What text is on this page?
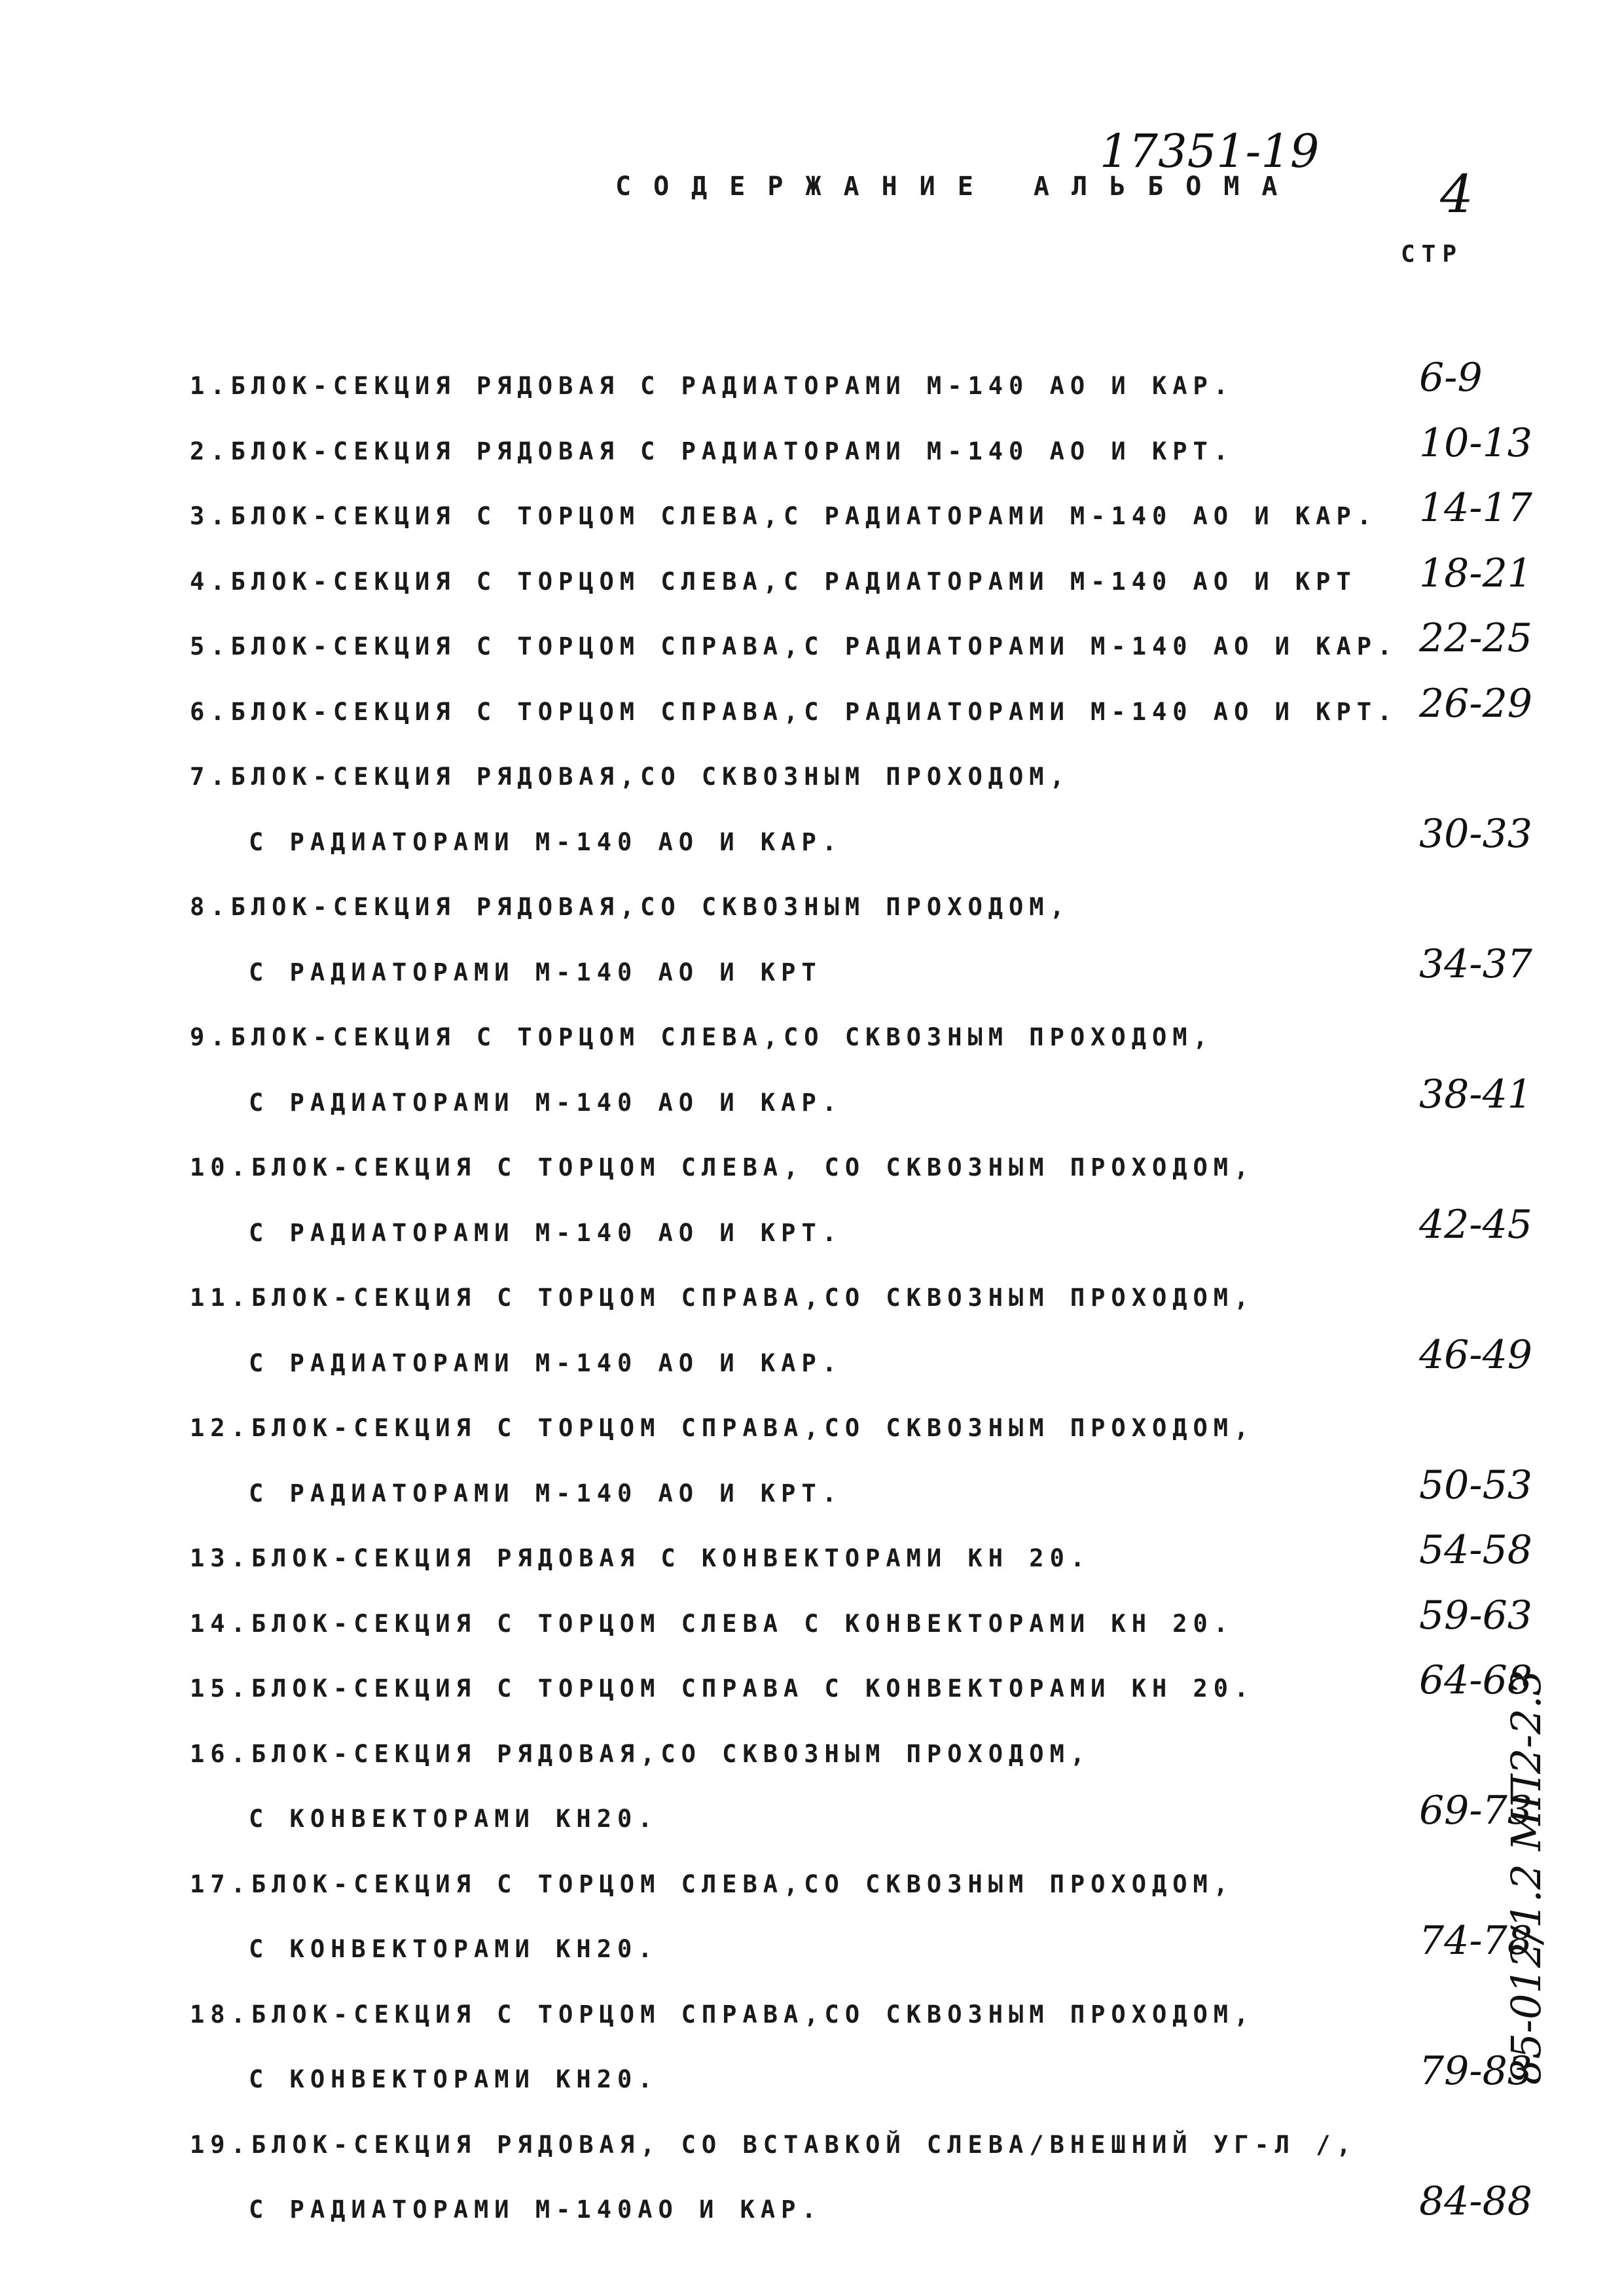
17351-19
СОДЕРЖАНИЕ АЛЬБОМА	4
СТР
1.БЛОК-СЕКЦИЯ РЯДОВАЯ С РАДИАТОРАМИ М-140 АО И КАР.	6-9
2.БЛОК-СЕКЦИЯ РЯДОВАЯ С РАДИАТОРАМИ М-140 АО И КРТ.	10-13
3.БЛОК-СЕКЦИЯ С ТОРЦОМ СЛЕВА,С РАДИАТОРАМИ М-140 АО И КАР. 14-17
4.БЛОК-СЕКЦИЯ С ТОРЦОМ СЛЕВА,С РАДИАТОРАМИ М-140 АО И КРТ 18-21
5.БЛОК-СЕКЦИЯ С ТОРЦОМ СПРАВА,С РАДИАТОРАМИ М-140 АО И КАР. 22-25
6.БЛОК-СЕКЦИЯ С ТОРЦОМ СПРАВА,С РАДИАТОРАМИ М-140 АО И КРТ. 26-29
7.БЛОК-СЕКЦИЯ РЯДОВАЯ,СО СКВОЗНЫМ ПРОХОДОМ,
С РАДИАТОРАМИ М-140 АО И КАР.	30-33
8.БЛОК-СЕКЦИЯ РЯДОВАЯ,СО СКВОЗНЫМ ПРОХОДОМ,
С РАДИАТОРАМИ М-140 АО И КРТ	34-37
9.БЛОК-СЕКЦИЯ С ТОРЦОМ СЛЕВА,СО СКВОЗНЫМ ПРОХОДОМ,
С РАДИАТОРАМИ М-140 АО И КАР.	38-41
10.БЛОК-СЕКЦИЯ С ТОРЦОМ СЛЕВА, СО СКВОЗНЫМ ПРОХОДОМ,
С РАДИАТОРАМИ М-140 АО И КРТ.	42-45
11.БЛОК-СЕКЦИЯ С ТОРЦОМ СПРАВА,СО СКВОЗНЫМ ПРОХОДОМ,
С РАДИАТОРАМИ М-140 АО И КАР.	46-49
12.БЛОК-СЕКЦИЯ С ТОРЦОМ СПРАВА,СО СКВОЗНЫМ ПРОХОДОМ,
С РАДИАТОРАМИ М-140 АО И КРТ.	50-53
13.БЛОК-СЕКЦИЯ РЯДОВАЯ С КОНВЕКТОРАМИ КН 20.	54-58
14.БЛОК-СЕКЦИЯ С ТОРЦОМ СЛЕВА С КОНВЕКТОРАМИ КН 20.	59-63
15.БЛОК-СЕКЦИЯ С ТОРЦОМ СПРАВА С КОНВЕКТОРАМИ КН 20.	64-68
16.БЛОК-СЕКЦИЯ РЯДОВАЯ,СО СКВОЗНЫМ ПРОХОДОМ,
С КОНВЕКТОРАМИ КН20.	69-73
17.БЛОК-СЕКЦИЯ С ТОРЦОМ СЛЕВА,СО СКВОЗНЫМ ПРОХОДОМ,
С КОНВЕКТОРАМИ КН20.	74-78
18.БЛОК-СЕКЦИЯ С ТОРЦОМ СПРАВА,СО СКВОЗНЫМ ПРОХОДОМ,
С КОНВЕКТОРАМИ КН20.	79-83
19.БЛОК-СЕКЦИЯ РЯДОВАЯ, СО ВСТАВКОЙ СЛЕВА/ВНЕШНИЙ УГ-Л /,
С РАДИАТОРАМИ М-140АО И КАР.	84-88
85-012/1.2 МП2-2.3
